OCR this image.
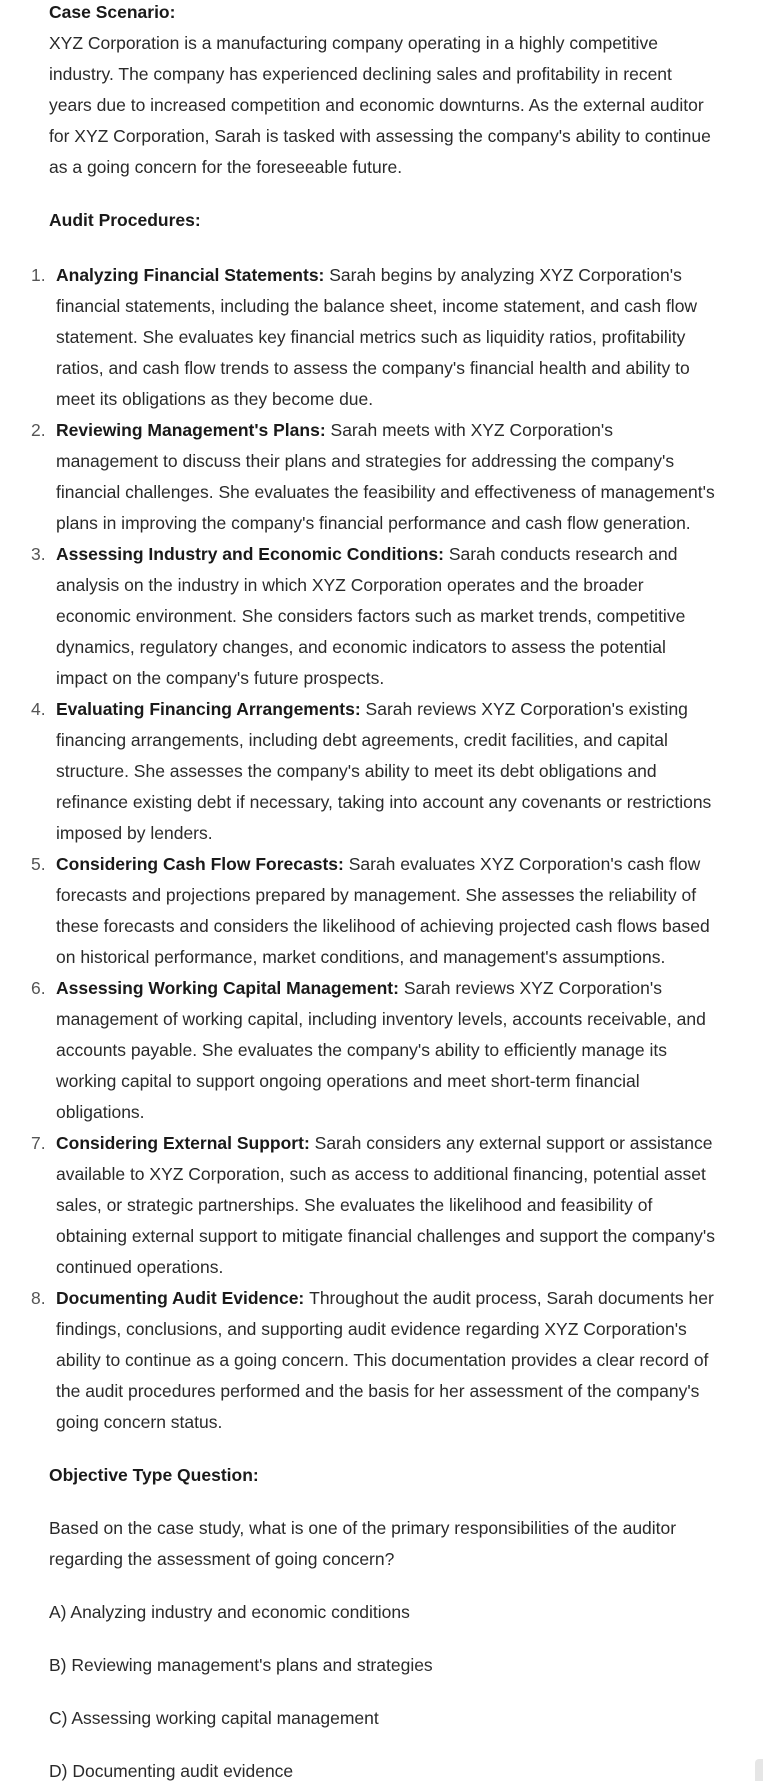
Case Scenario:

XYZ Corporation is a manufacturing company operating in a highly competitive industry. The company has experienced declining sales and profitability in recent years due to increased competition and economic downturns. As the external auditor for XYZ Corporation, Sarah is tasked with assessing the company's ability to continue as a going concern for the foreseeable future.

Audit Procedures:

1. Analyzing Financial Statements: Sarah begins by analyzing XYZ Corporation's financial statements, including the balance sheet, income statement, and cash flow statement. She evaluates key financial metrics such as liquidity ratios, profitability ratios, and cash flow trends to assess the company's financial health and ability to meet its obligations as they become due.
2. Reviewing Management's Plans: Sarah meets with XYZ Corporation's management to discuss their plans and strategies for addressing the company's financial challenges. She evaluates the feasibility and effectiveness of management's plans in improving the company's financial performance and cash flow generation.
3. Assessing Industry and Economic Conditions: Sarah conducts research and analysis on the industry in which XYZ Corporation operates and the broader economic environment. She considers factors such as market trends, competitive dynamics, regulatory changes, and economic indicators to assess the potential impact on the company's future prospects.
4. Evaluating Financing Arrangements: Sarah reviews XYZ Corporation's existing financing arrangements, including debt agreements, credit facilities, and capital structure. She assesses the company's ability to meet its debt obligations and refinance existing debt if necessary, taking into account any covenants or restrictions imposed by lenders.
5. Considering Cash Flow Forecasts: Sarah evaluates XYZ Corporation's cash flow forecasts and projections prepared by management. She assesses the reliability of these forecasts and considers the likelihood of achieving projected cash flows based on historical performance, market conditions, and management's assumptions.
6. Assessing Working Capital Management: Sarah reviews XYZ Corporation's management of working capital, including inventory levels, accounts receivable, and accounts payable. She evaluates the company's ability to efficiently manage its working capital to support ongoing operations and meet short-term financial obligations.
7. Considering External Support: Sarah considers any external support or assistance available to XYZ Corporation, such as access to additional financing, potential asset sales, or strategic partnerships. She evaluates the likelihood and feasibility of obtaining external support to mitigate financial challenges and support the company's continued operations.
8. Documenting Audit Evidence: Throughout the audit process, Sarah documents her findings, conclusions, and supporting audit evidence regarding XYZ Corporation's ability to continue as a going concern. This documentation provides a clear record of the audit procedures performed and the basis for her assessment of the company's going concern status.

Objective Type Question:

Based on the case study, what is one of the primary responsibilities of the auditor regarding the assessment of going concern?

A) Analyzing industry and economic conditions

B) Reviewing management's plans and strategies

C) Assessing working capital management

D) Documenting audit evidence
